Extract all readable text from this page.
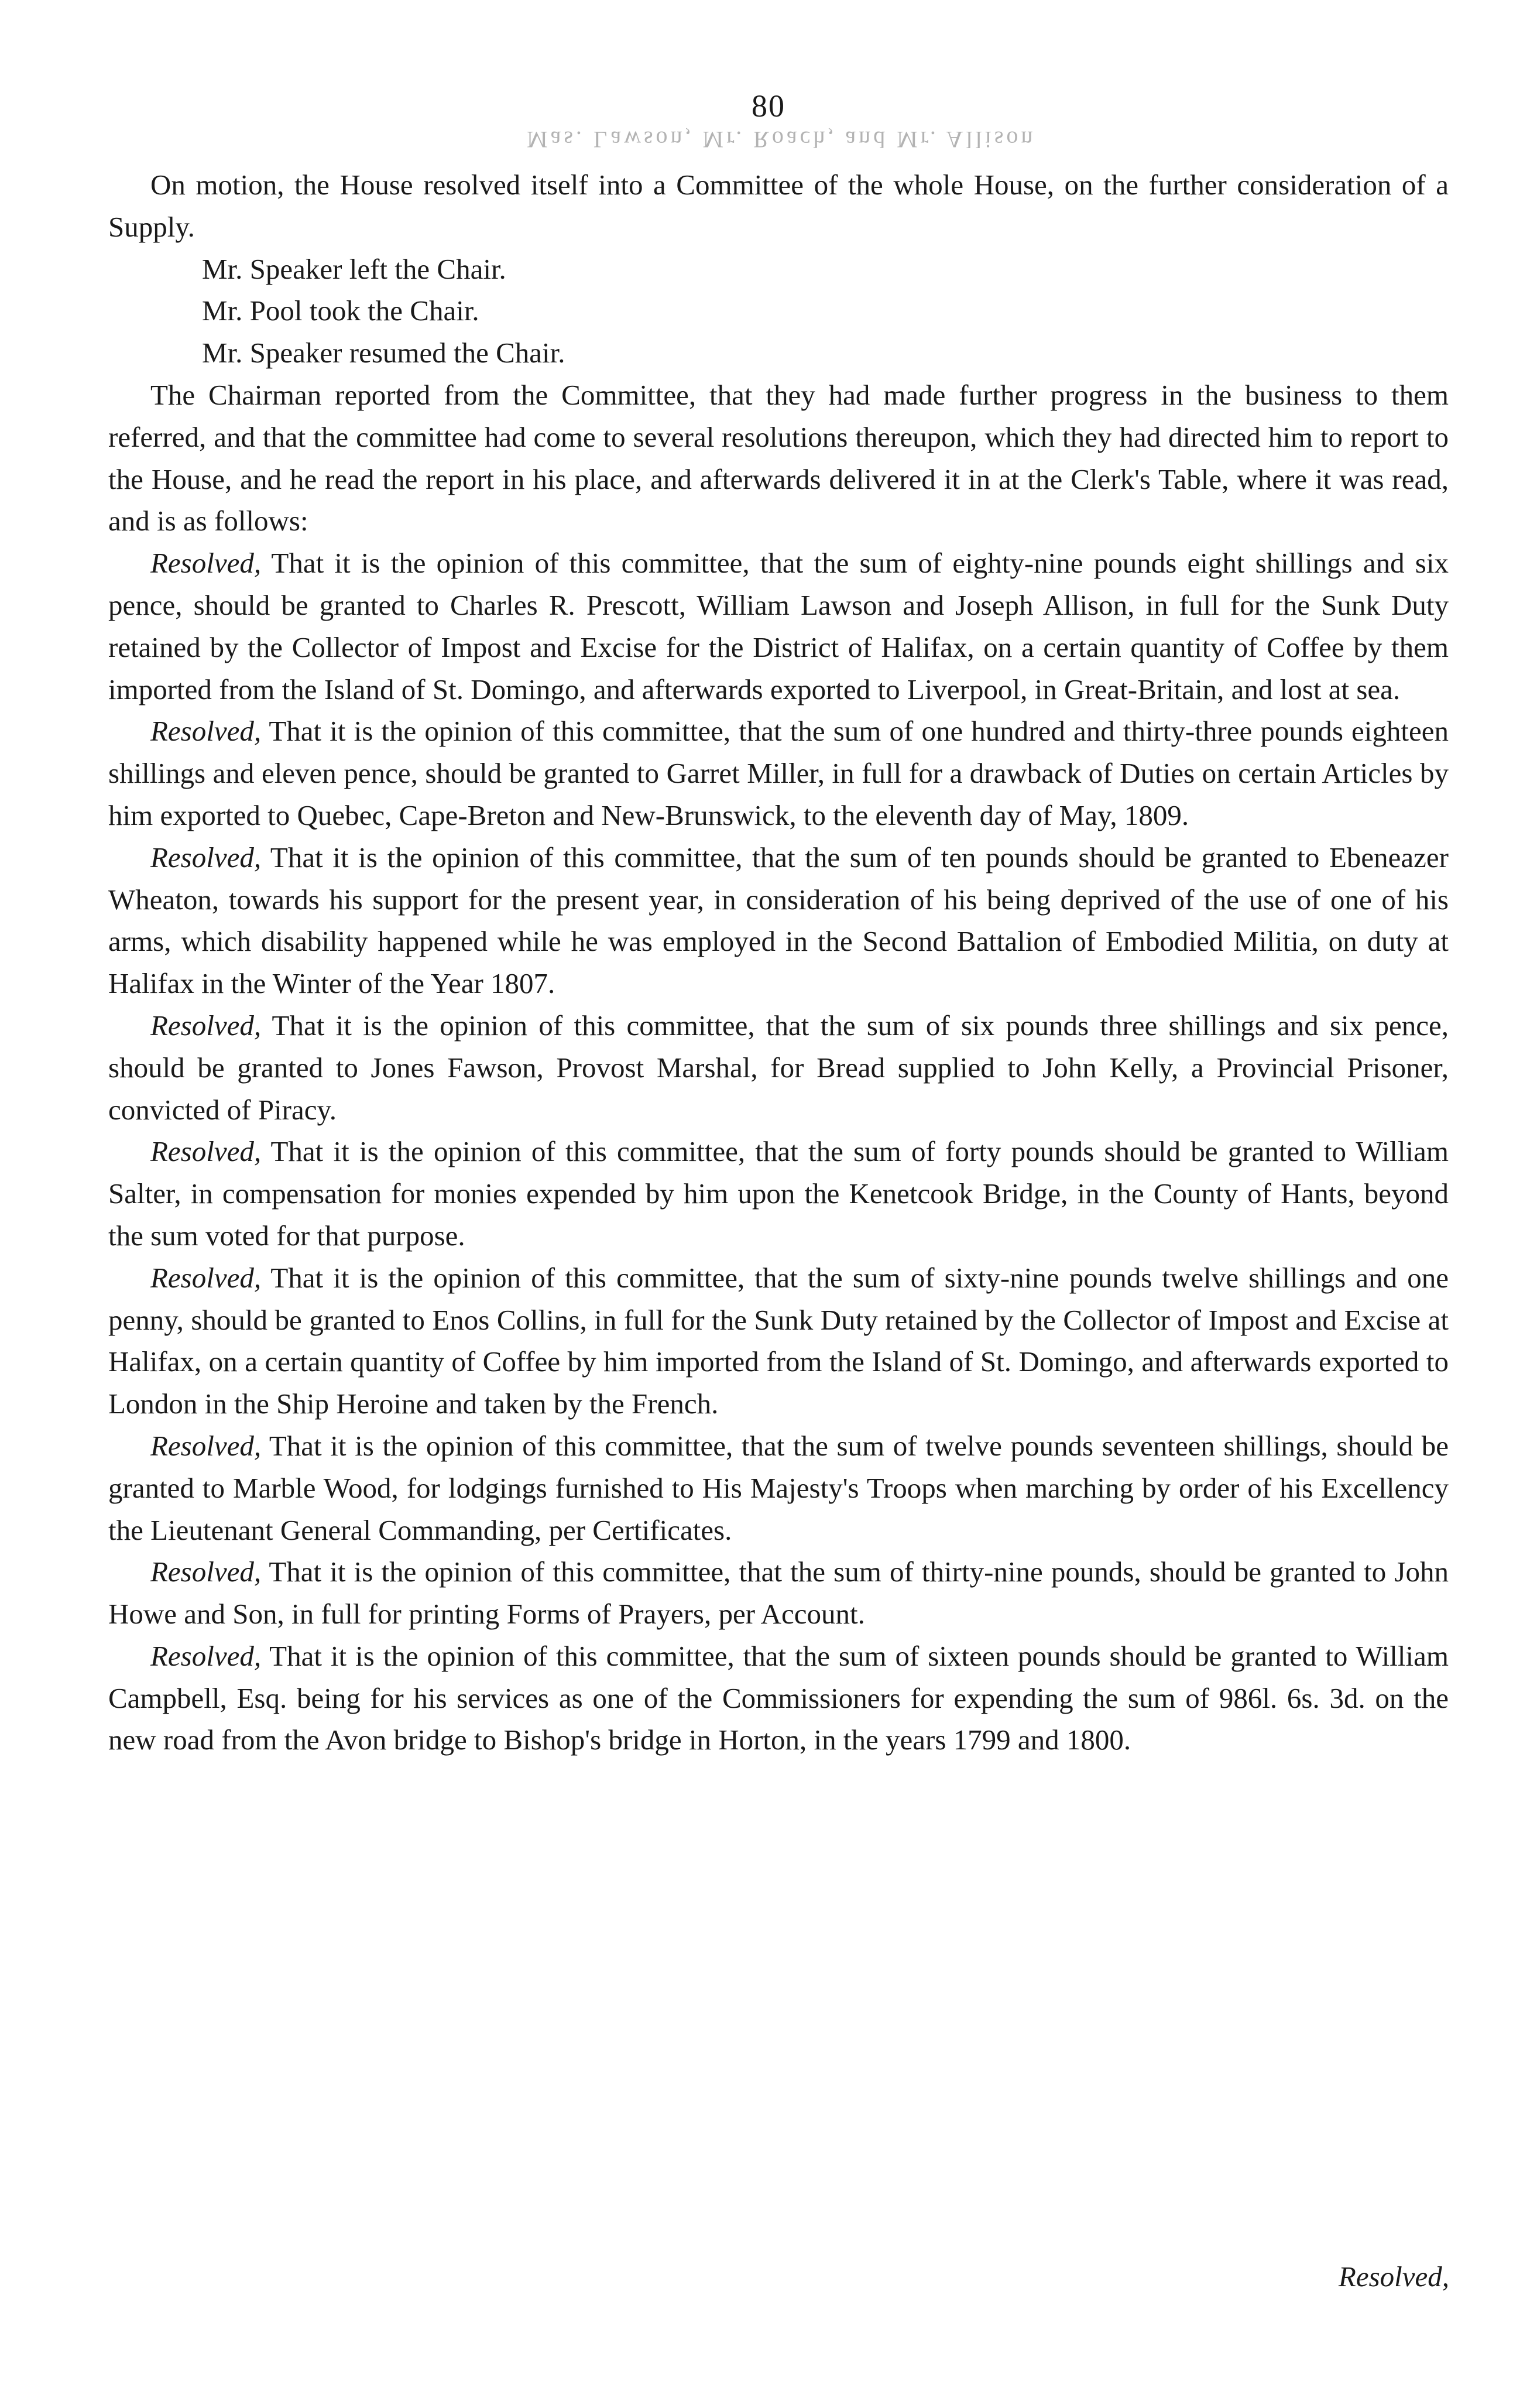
Mas. Lawson, Mr. Roach, and Mr. Allison
80

On motion, the House resolved itself into a Committee of the whole House, on the further consideration of a Supply.

Mr. Speaker left the Chair.

Mr. Pool took the Chair.

Mr. Speaker resumed the Chair.

The Chairman reported from the Committee, that they had made further progress in the business to them referred, and that the committee had come to several resolutions thereupon, which they had directed him to report to the House, and he read the report in his place, and afterwards delivered it in at the Clerk's Table, where it was read, and is as follows:

Resolved, That it is the opinion of this committee, that the sum of eighty-nine pounds eight shillings and six pence, should be granted to Charles R. Prescott, William Lawson and Joseph Allison, in full for the Sunk Duty retained by the Collector of Impost and Excise for the District of Halifax, on a certain quantity of Coffee by them imported from the Island of St. Domingo, and afterwards exported to Liverpool, in Great-Britain, and lost at sea.

Resolved, That it is the opinion of this committee, that the sum of one hundred and thirty-three pounds eighteen shillings and eleven pence, should be granted to Garret Miller, in full for a drawback of Duties on certain Articles by him exported to Quebec, Cape-Breton and New-Brunswick, to the eleventh day of May, 1809.

Resolved, That it is the opinion of this committee, that the sum of ten pounds should be granted to Ebeneazer Wheaton, towards his support for the present year, in consideration of his being deprived of the use of one of his arms, which disability happened while he was employed in the Second Battalion of Embodied Militia, on duty at Halifax in the Winter of the Year 1807.

Resolved, That it is the opinion of this committee, that the sum of six pounds three shillings and six pence, should be granted to Jones Fawson, Provost Marshal, for Bread supplied to John Kelly, a Provincial Prisoner, convicted of Piracy.

Resolved, That it is the opinion of this committee, that the sum of forty pounds should be granted to William Salter, in compensation for monies expended by him upon the Kenetcook Bridge, in the County of Hants, beyond the sum voted for that purpose.

Resolved, That it is the opinion of this committee, that the sum of sixty-nine pounds twelve shillings and one penny, should be granted to Enos Collins, in full for the Sunk Duty retained by the Collector of Impost and Excise at Halifax, on a certain quantity of Coffee by him imported from the Island of St. Domingo, and afterwards exported to London in the Ship Heroine and taken by the French.

Resolved, That it is the opinion of this committee, that the sum of twelve pounds seventeen shillings, should be granted to Marble Wood, for lodgings furnished to His Majesty's Troops when marching by order of his Excellency the Lieutenant General Commanding, per Certificates.

Resolved, That it is the opinion of this committee, that the sum of thirty-nine pounds, should be granted to John Howe and Son, in full for printing Forms of Prayers, per Account.

Resolved, That it is the opinion of this committee, that the sum of sixteen pounds should be granted to William Campbell, Esq. being for his services as one of the Commissioners for expending the sum of 986l. 6s. 3d. on the new road from the Avon bridge to Bishop's bridge in Horton, in the years 1799 and 1800.

Resolved,
